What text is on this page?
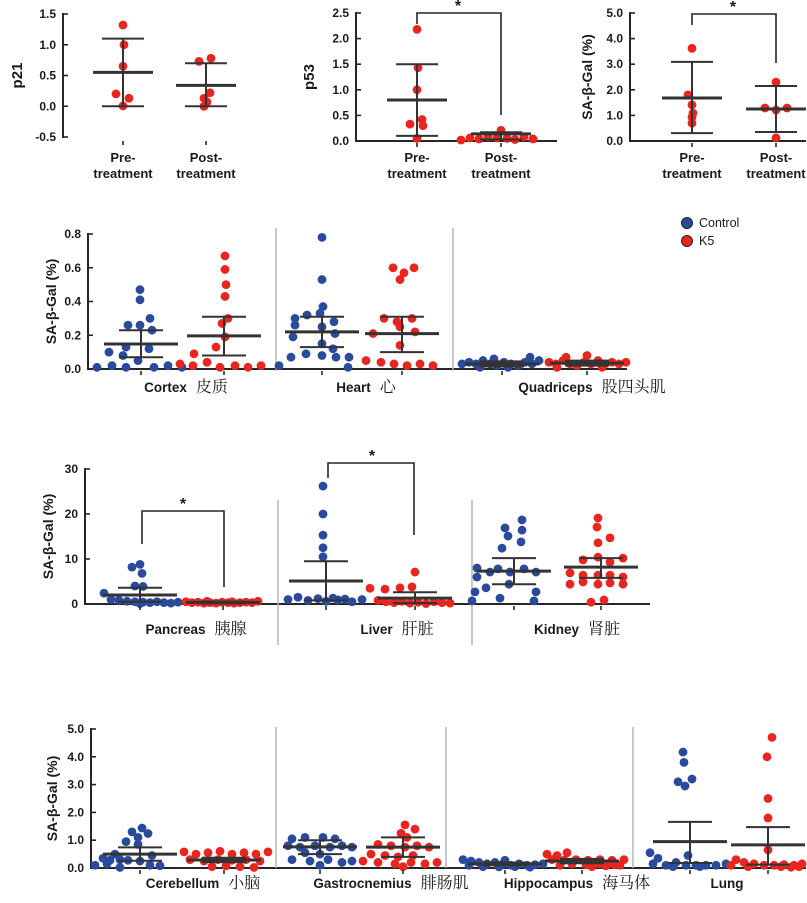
1.5
1.0
0.5
0.0
-0.5
p21
Pre-
treatment
Post-
treatment
2.5
2.0
1.5
1.0
0.5
0.0
p53
Pre-
treatment
Post-
treatment
*	5.0
4.0
3.0
2.0
1.0
0.0
SA-β-Gal (%)
Pre-
treatment
Post-
treatment
*
0.8
0.6
0.4
0.2
0.0
SA-β-Gal (%)
Cortex 皮质	Heart 心	Quadriceps 股四头肌
30
20
10
0
SA-β-Gal (%)
Pancreas 胰腺	Liver 肝脏	Kidney 肾脏
*
*
5.0
4.0
3.0
2.0
1.0
0.0
SA-β-Gal (%)
Cerebellum 小脑	Gastrocnemius 腓肠肌	Hippocampus 海马体	Lung
Control
K5
